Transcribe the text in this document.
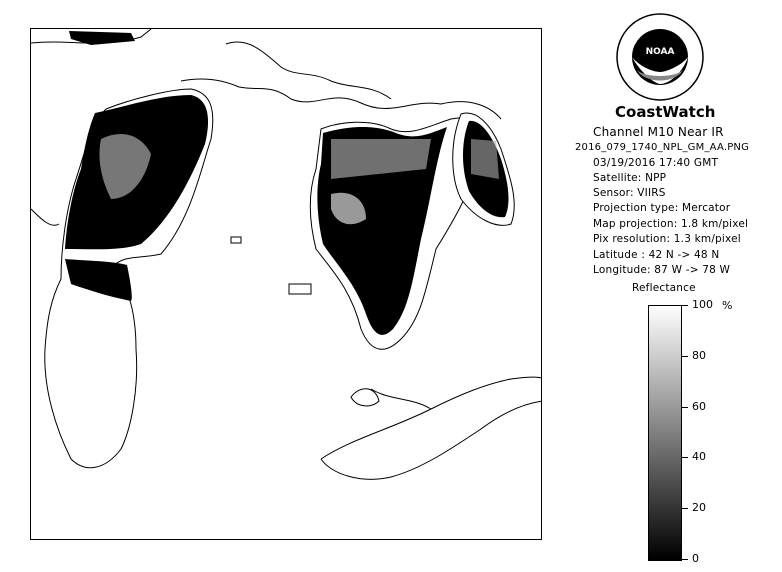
NOAA
CoastWatch
Channel M10 Near IR
2016_079_1740_NPL_GM_AA.PNG
03/19/2016 17:40 GMT
Satellite: NPP
Sensor: VIIRS
Projection type: Mercator
Map projection: 1.8 km/pixel
Pix resolution: 1.3 km/pixel
Latitude : 42 N -> 48 N
Longitude: 87 W -> 78 W
Reflectance
%
100
80
60
40
20
0
